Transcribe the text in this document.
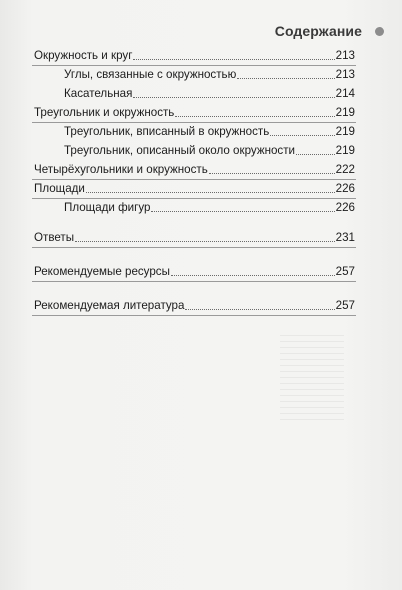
Содержание
Окружность и круг	213
Углы, связанные с окружностью	213
Касательная	214
Треугольник и окружность	219
Треугольник, вписанный в окружность	219
Треугольник, описанный около окружности	219
Четырёхугольники и окружность	222
Площади	226
Площади фигур	226
Ответы	231
Рекомендуемые ресурсы	257
Рекомендуемая литература	257
